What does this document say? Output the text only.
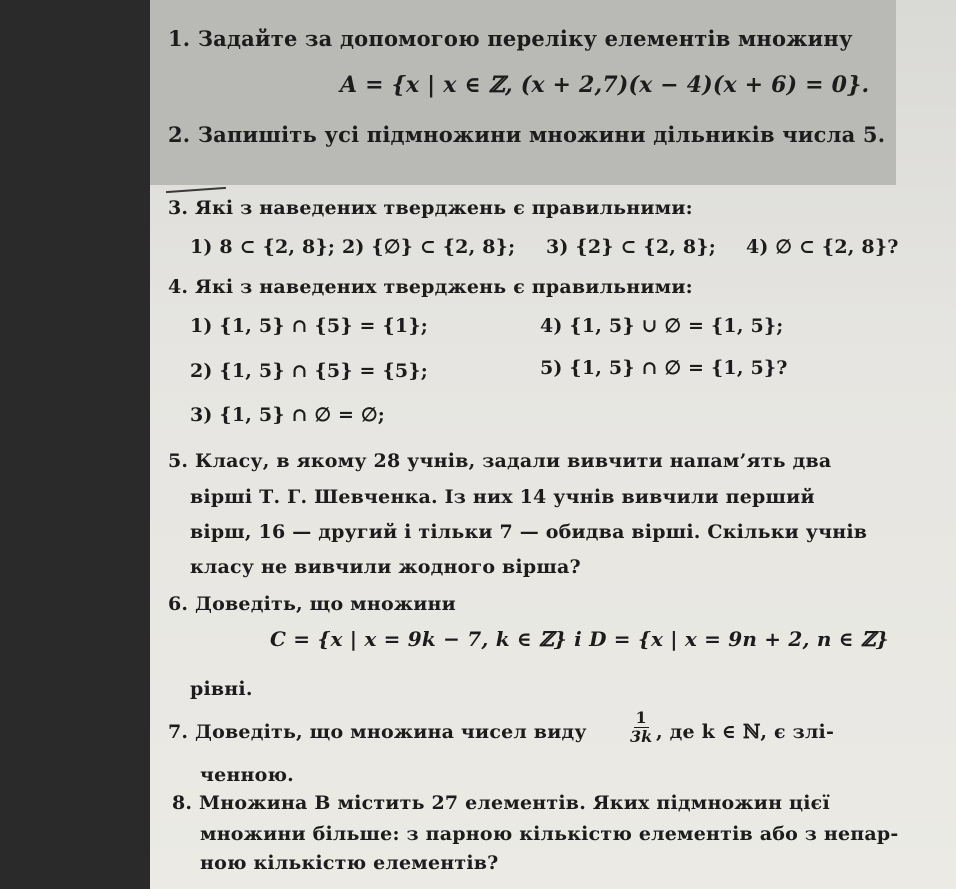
1. Задайте за допомогою переліку елементів множину
A = {x | x ∈ ℤ, (x + 2,7)(x − 4)(x + 6) = 0}.
2. Запишіть усі підмножини множини дільників числа 5.
3. Які з наведених тверджень є правильними:
1) 8 ⊂ {2, 8}; 2) {∅} ⊂ {2, 8}; 3) {2} ⊂ {2, 8}; 4) ∅ ⊂ {2, 8}?
4. Які з наведених тверджень є правильними:
1) {1, 5} ∩ {5} = {1};
2) {1, 5} ∩ {5} = {5};
3) {1, 5} ∩ ∅ = ∅;
4) {1, 5} ∪ ∅ = {1, 5};
5) {1, 5} ∩ ∅ = {1, 5}?
5. Класу, в якому 28 учнів, задали вивчити напам’ять два
вірші Т. Г. Шевченка. Із них 14 учнів вивчили перший
вірш, 16 — другий і тільки 7 — обидва вірші. Скільки учнів
класу не вивчили жодного вірша?
6. Доведіть, що множини
C = {x | x = 9k − 7, k ∈ ℤ} і D = {x | x = 9n + 2, n ∈ ℤ}
рівні.
7. Доведіть, що множина чисел виду	$\frac{1}{3k}$ , де k ∈ ℕ, є злі-
ченною.
8. Множина B містить 27 елементів. Яких підмножин цієї
множини більше: з парною кількістю елементів або з непар-
ною кількістю елементів?
